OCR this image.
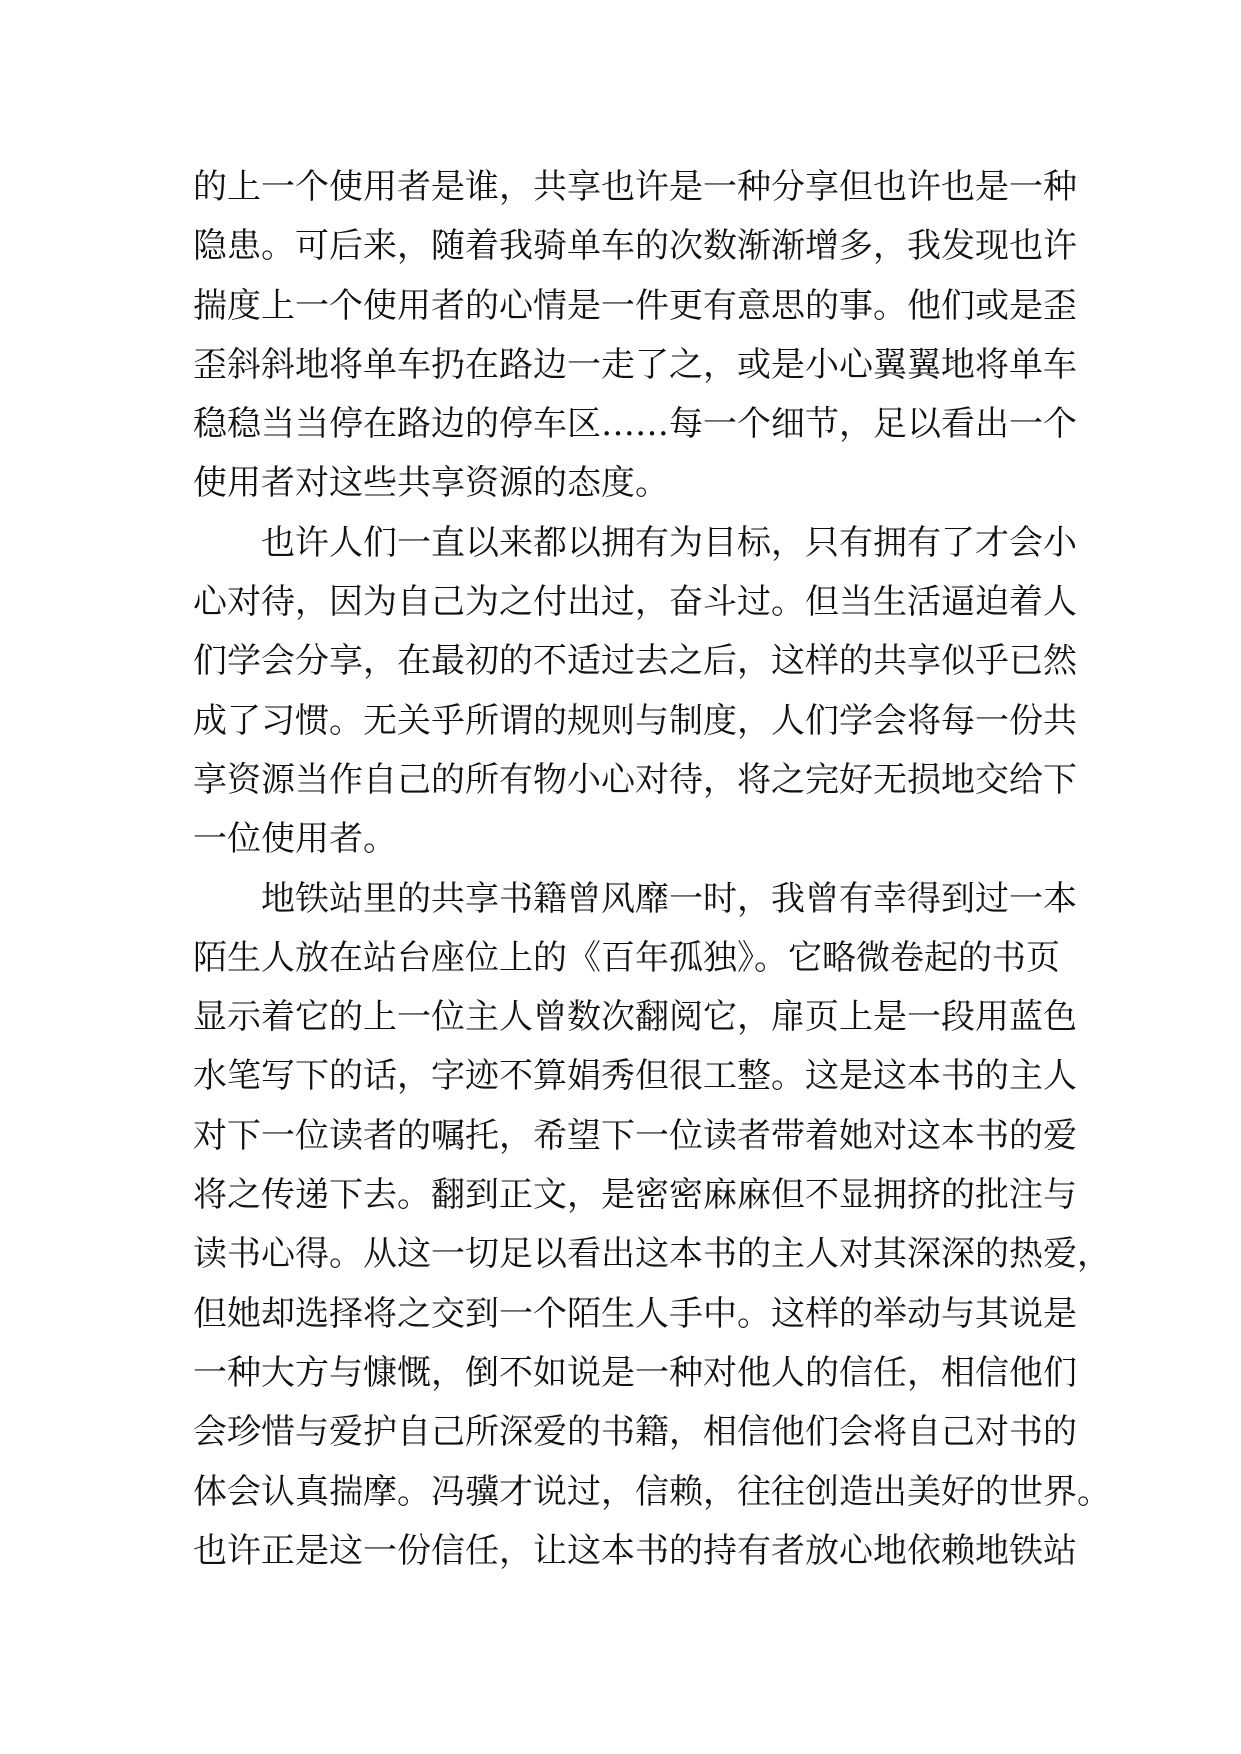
的上一个使用者是谁，共享也许是一种分享但也许也是一种
隐患。可后来，随着我骑单车的次数渐渐增多，我发现也许
揣度上一个使用者的心情是一件更有意思的事。他们或是歪
歪斜斜地将单车扔在路边一走了之，或是小心翼翼地将单车
稳稳当当停在路边的停车区……每一个细节，足以看出一个
使用者对这些共享资源的态度。
　　也许人们一直以来都以拥有为目标，只有拥有了才会小
心对待，因为自己为之付出过，奋斗过。但当生活逼迫着人
们学会分享，在最初的不适过去之后，这样的共享似乎已然
成了习惯。无关乎所谓的规则与制度，人们学会将每一份共
享资源当作自己的所有物小心对待，将之完好无损地交给下
一位使用者。
　　地铁站里的共享书籍曾风靡一时，我曾有幸得到过一本
陌生人放在站台座位上的《百年孤独》。它略微卷起的书页
显示着它的上一位主人曾数次翻阅它，扉页上是一段用蓝色
水笔写下的话，字迹不算娟秀但很工整。这是这本书的主人
对下一位读者的嘱托，希望下一位读者带着她对这本书的爱
将之传递下去。翻到正文，是密密麻麻但不显拥挤的批注与
读书心得。从这一切足以看出这本书的主人对其深深的热爱，
但她却选择将之交到一个陌生人手中。这样的举动与其说是
一种大方与慷慨，倒不如说是一种对他人的信任，相信他们
会珍惜与爱护自己所深爱的书籍，相信他们会将自己对书的
体会认真揣摩。冯骥才说过，信赖，往往创造出美好的世界。
也许正是这一份信任，让这本书的持有者放心地依赖地铁站
